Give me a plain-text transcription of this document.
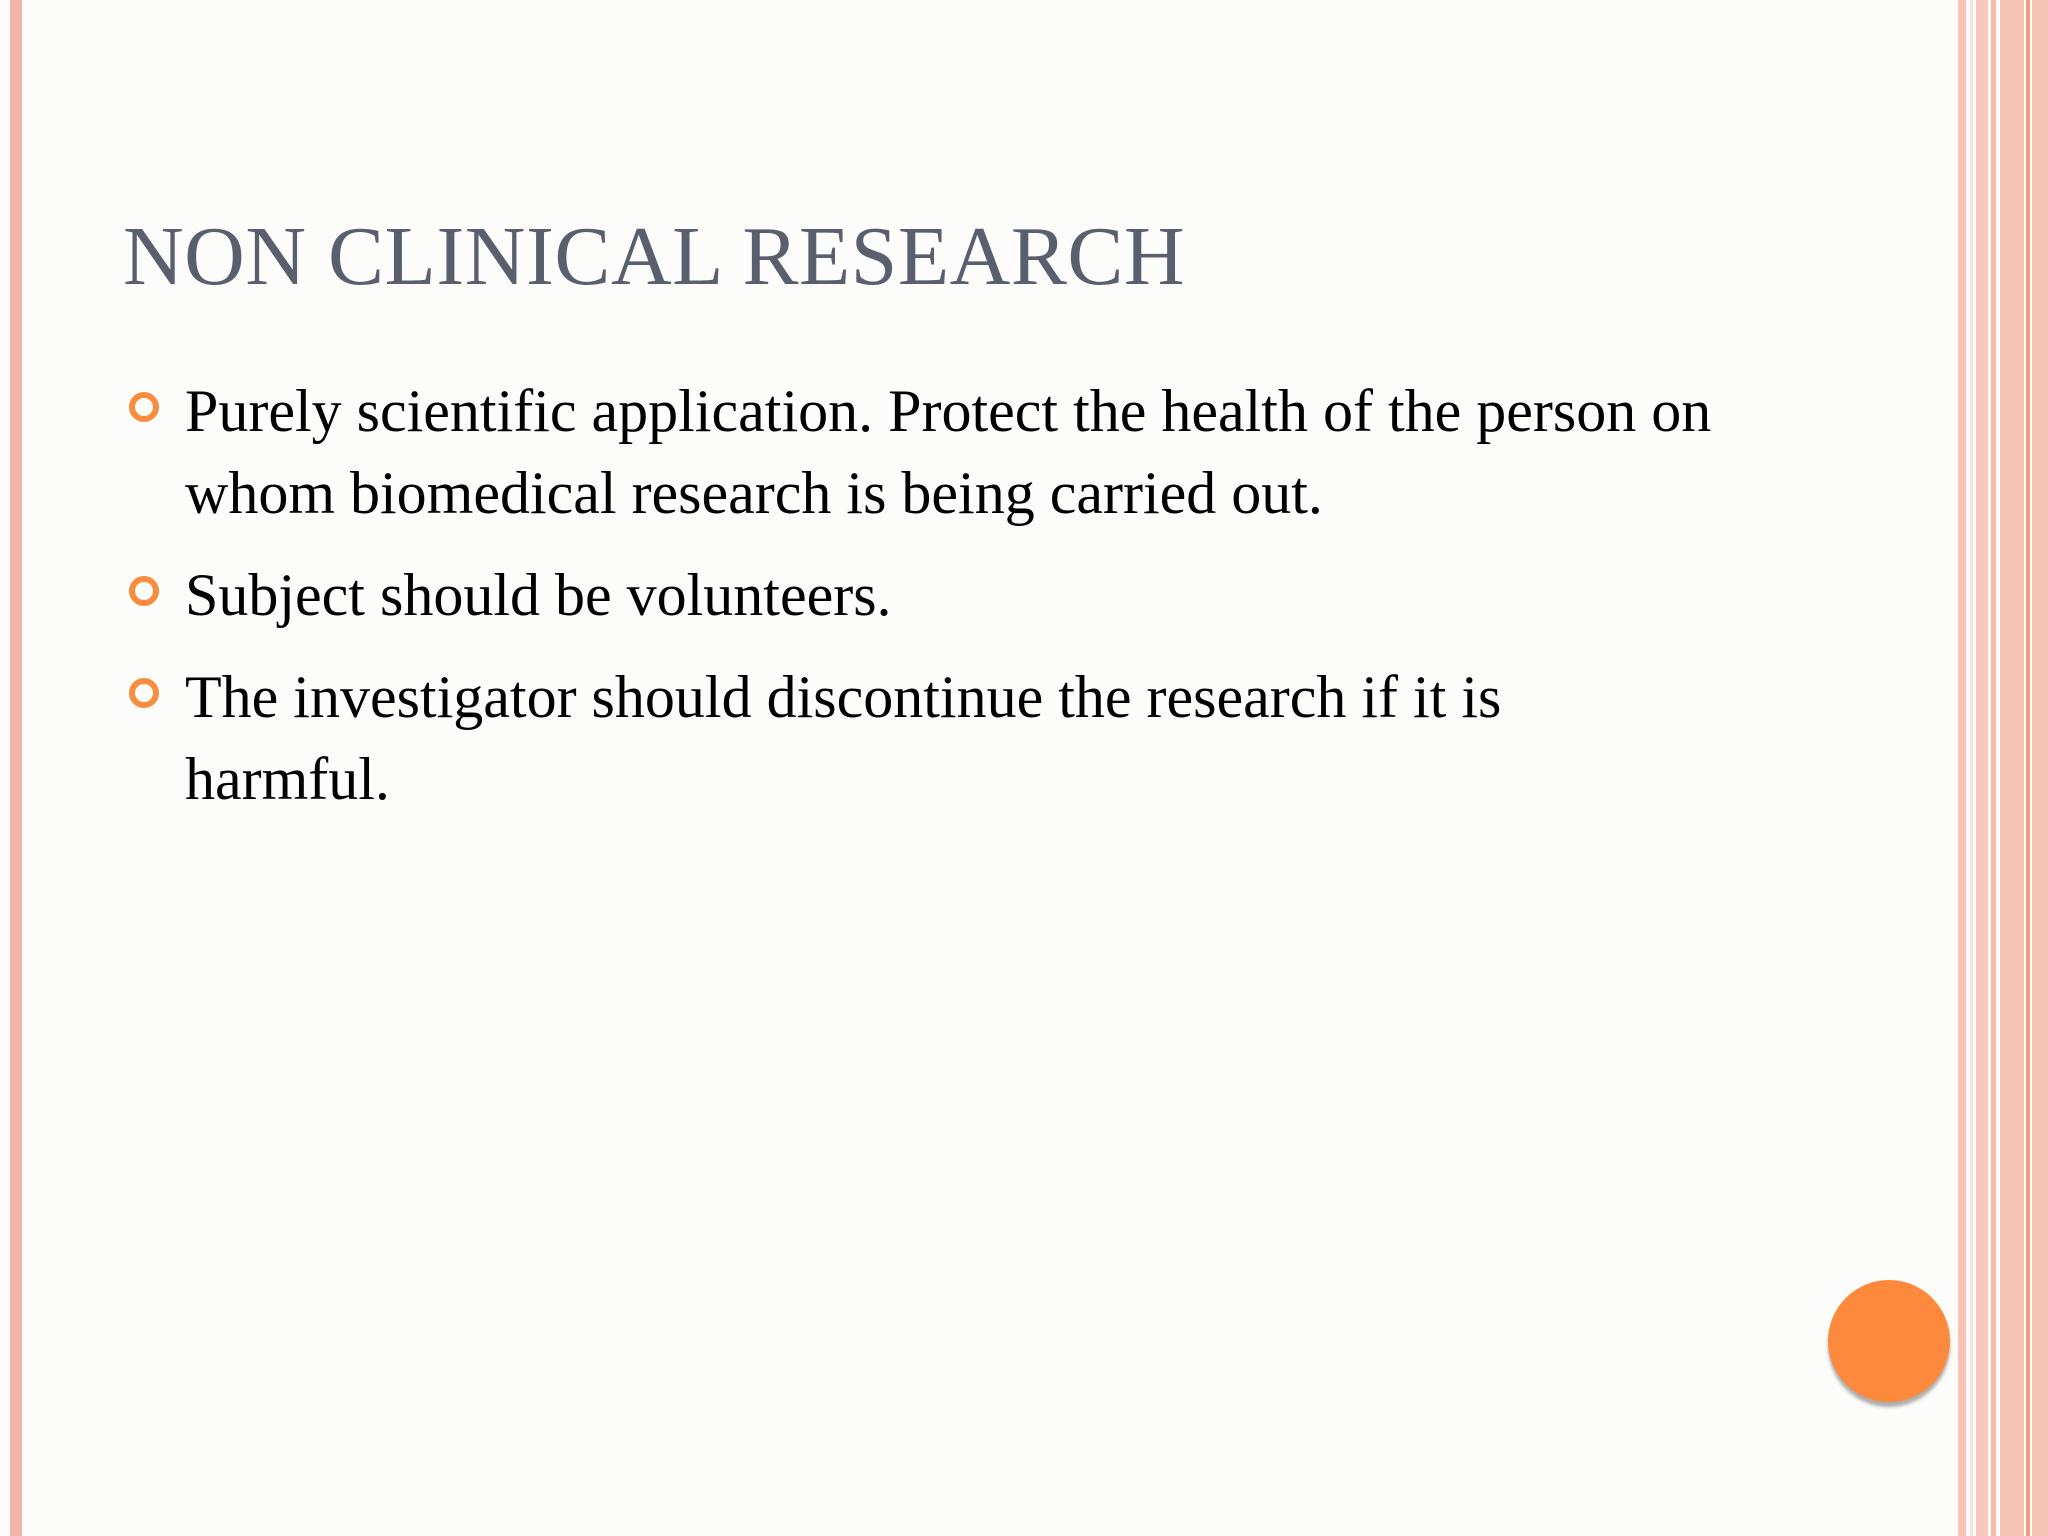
NON CLINICAL RESEARCH
Purely scientific application. Protect the health of the person on whom biomedical research is being carried out.
Subject should be volunteers.
The investigator should discontinue the research if it is harmful.
